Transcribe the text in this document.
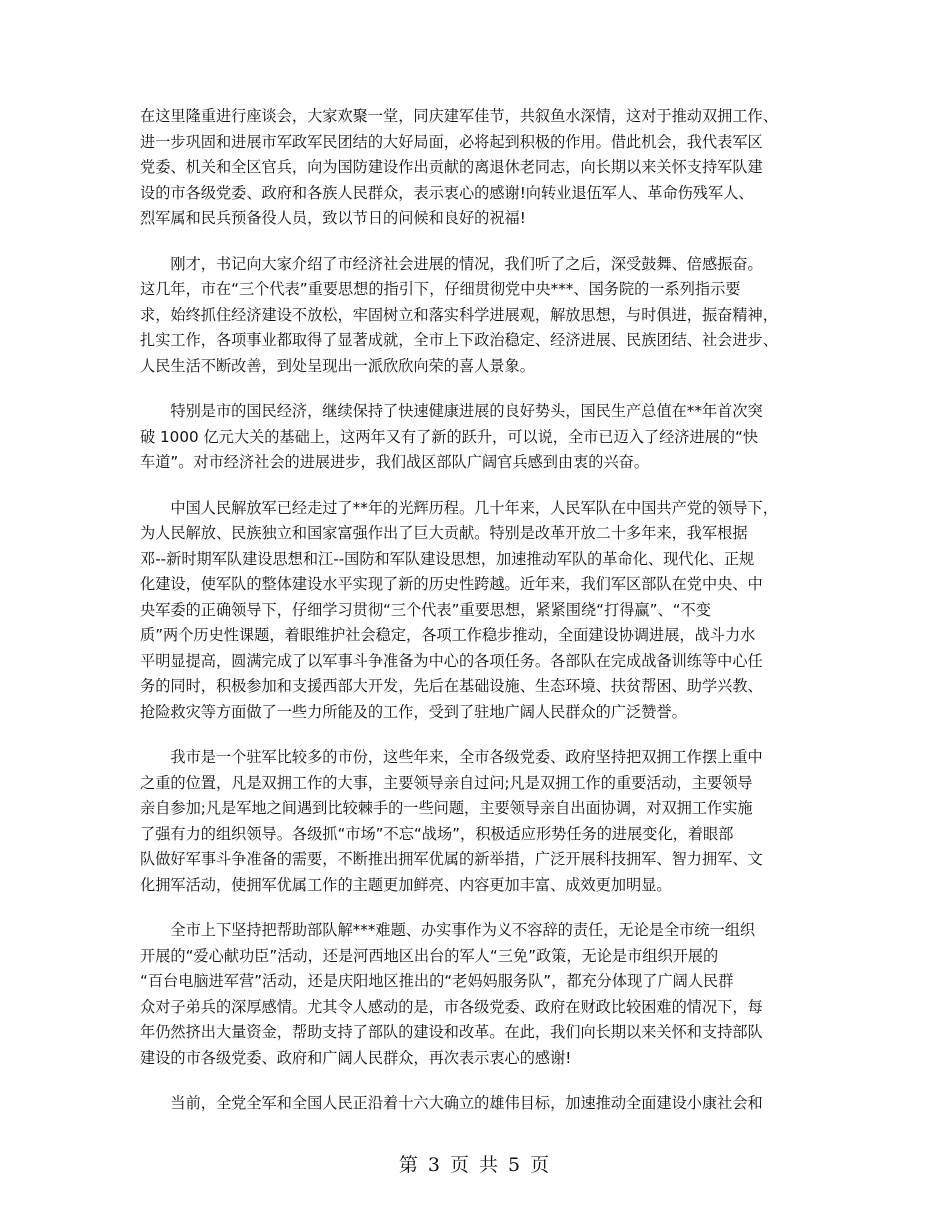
在这里隆重进行座谈会，大家欢聚一堂，同庆建军佳节，共叙鱼水深情，这对于推动双拥工作、
进一步巩固和进展市军政军民团结的大好局面，必将起到积极的作用。借此机会，我代表军区
党委、机关和全区官兵，向为国防建设作出贡献的离退休老同志，向长期以来关怀支持军队建
设的市各级党委、政府和各族人民群众，表示衷心的感谢!向转业退伍军人、革命伤残军人、
烈军属和民兵预备役人员，致以节日的问候和良好的祝福!

　　刚才，书记向大家介绍了市经济社会进展的情况，我们听了之后，深受鼓舞、倍感振奋。
这几年，市在“三个代表”重要思想的指引下，仔细贯彻党中央***、国务院的一系列指示要
求，始终抓住经济建设不放松，牢固树立和落实科学进展观，解放思想，与时俱进，振奋精神，
扎实工作，各项事业都取得了显著成就，全市上下政治稳定、经济进展、民族团结、社会进步、
人民生活不断改善，到处呈现出一派欣欣向荣的喜人景象。

　　特别是市的国民经济，继续保持了快速健康进展的良好势头，国民生产总值在**年首次突
破 1000 亿元大关的基础上，这两年又有了新的跃升，可以说，全市已迈入了经济进展的“快
车道”。对市经济社会的进展进步，我们战区部队广阔官兵感到由衷的兴奋。

　　中国人民解放军已经走过了**年的光辉历程。几十年来，人民军队在中国共产党的领导下，
为人民解放、民族独立和国家富强作出了巨大贡献。特别是改革开放二十多年来，我军根据
邓--新时期军队建设思想和江--国防和军队建设思想，加速推动军队的革命化、现代化、正规
化建设，使军队的整体建设水平实现了新的历史性跨越。近年来，我们军区部队在党中央、中
央军委的正确领导下，仔细学习贯彻“三个代表”重要思想，紧紧围绕“打得赢”、“不变
质”两个历史性课题，着眼维护社会稳定，各项工作稳步推动，全面建设协调进展，战斗力水
平明显提高，圆满完成了以军事斗争准备为中心的各项任务。各部队在完成战备训练等中心任
务的同时，积极参加和支援西部大开发，先后在基础设施、生态环境、扶贫帮困、助学兴教、
抢险救灾等方面做了一些力所能及的工作，受到了驻地广阔人民群众的广泛赞誉。

　　我市是一个驻军比较多的市份，这些年来，全市各级党委、政府坚持把双拥工作摆上重中
之重的位置，凡是双拥工作的大事，主要领导亲自过问;凡是双拥工作的重要活动，主要领导
亲自参加;凡是军地之间遇到比较棘手的一些问题，主要领导亲自出面协调，对双拥工作实施
了强有力的组织领导。各级抓“市场”不忘“战场”，积极适应形势任务的进展变化，着眼部
队做好军事斗争准备的需要，不断推出拥军优属的新举措，广泛开展科技拥军、智力拥军、文
化拥军活动，使拥军优属工作的主题更加鲜亮、内容更加丰富、成效更加明显。

　　全市上下坚持把帮助部队解***难题、办实事作为义不容辞的责任，无论是全市统一组织
开展的“爱心献功臣”活动，还是河西地区出台的军人“三免”政策，无论是市组织开展的
“百台电脑进军营”活动，还是庆阳地区推出的“老妈妈服务队”，都充分体现了广阔人民群
众对子弟兵的深厚感情。尤其令人感动的是，市各级党委、政府在财政比较困难的情况下，每
年仍然挤出大量资金，帮助支持了部队的建设和改革。在此，我们向长期以来关怀和支持部队
建设的市各级党委、政府和广阔人民群众，再次表示衷心的感谢!

　　当前，全党全军和全国人民正沿着十六大确立的雄伟目标，加速推动全面建设小康社会和

第 3 页 共 5 页
